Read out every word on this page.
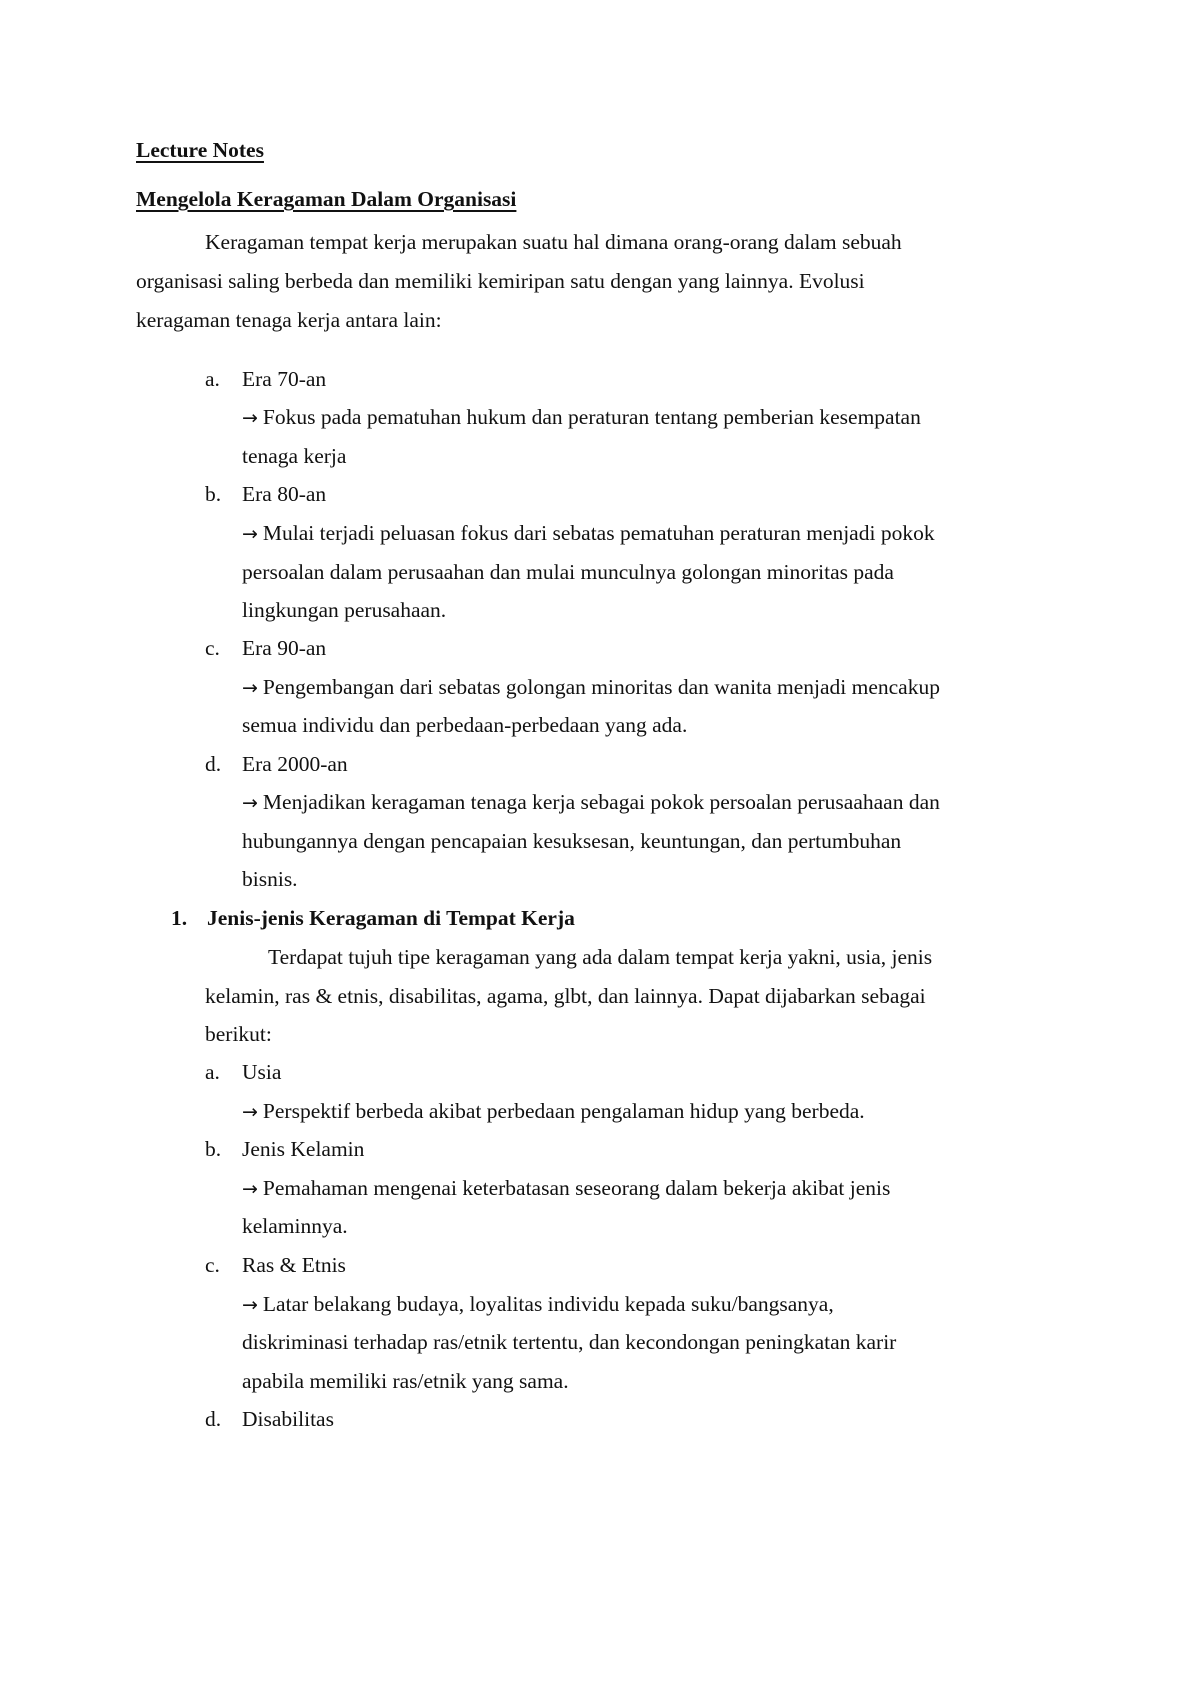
Lecture Notes
Mengelola Keragaman Dalam Organisasi
Keragaman tempat kerja merupakan suatu hal dimana orang-orang dalam sebuah
organisasi saling berbeda dan memiliki kemiripan satu dengan yang lainnya. Evolusi
keragaman tenaga kerja antara lain:
a. Era 70-an
→ Fokus pada pematuhan hukum dan peraturan tentang pemberian kesempatan
tenaga kerja
b. Era 80-an
→ Mulai terjadi peluasan fokus dari sebatas pematuhan peraturan menjadi pokok
persoalan dalam perusaahan dan mulai munculnya golongan minoritas pada
lingkungan perusahaan.
c. Era 90-an
→ Pengembangan dari sebatas golongan minoritas dan wanita menjadi mencakup
semua individu dan perbedaan-perbedaan yang ada.
d. Era 2000-an
→ Menjadikan keragaman tenaga kerja sebagai pokok persoalan perusaahaan dan
hubungannya dengan pencapaian kesuksesan, keuntungan, dan pertumbuhan
bisnis.
1. Jenis-jenis Keragaman di Tempat Kerja
Terdapat tujuh tipe keragaman yang ada dalam tempat kerja yakni, usia, jenis
kelamin, ras & etnis, disabilitas, agama, glbt, dan lainnya. Dapat dijabarkan sebagai
berikut:
a. Usia
→ Perspektif berbeda akibat perbedaan pengalaman hidup yang berbeda.
b. Jenis Kelamin
→ Pemahaman mengenai keterbatasan seseorang dalam bekerja akibat jenis
kelaminnya.
c. Ras & Etnis
→ Latar belakang budaya, loyalitas individu kepada suku/bangsanya,
diskriminasi terhadap ras/etnik tertentu, dan kecondongan peningkatan karir
apabila memiliki ras/etnik yang sama.
d. Disabilitas
